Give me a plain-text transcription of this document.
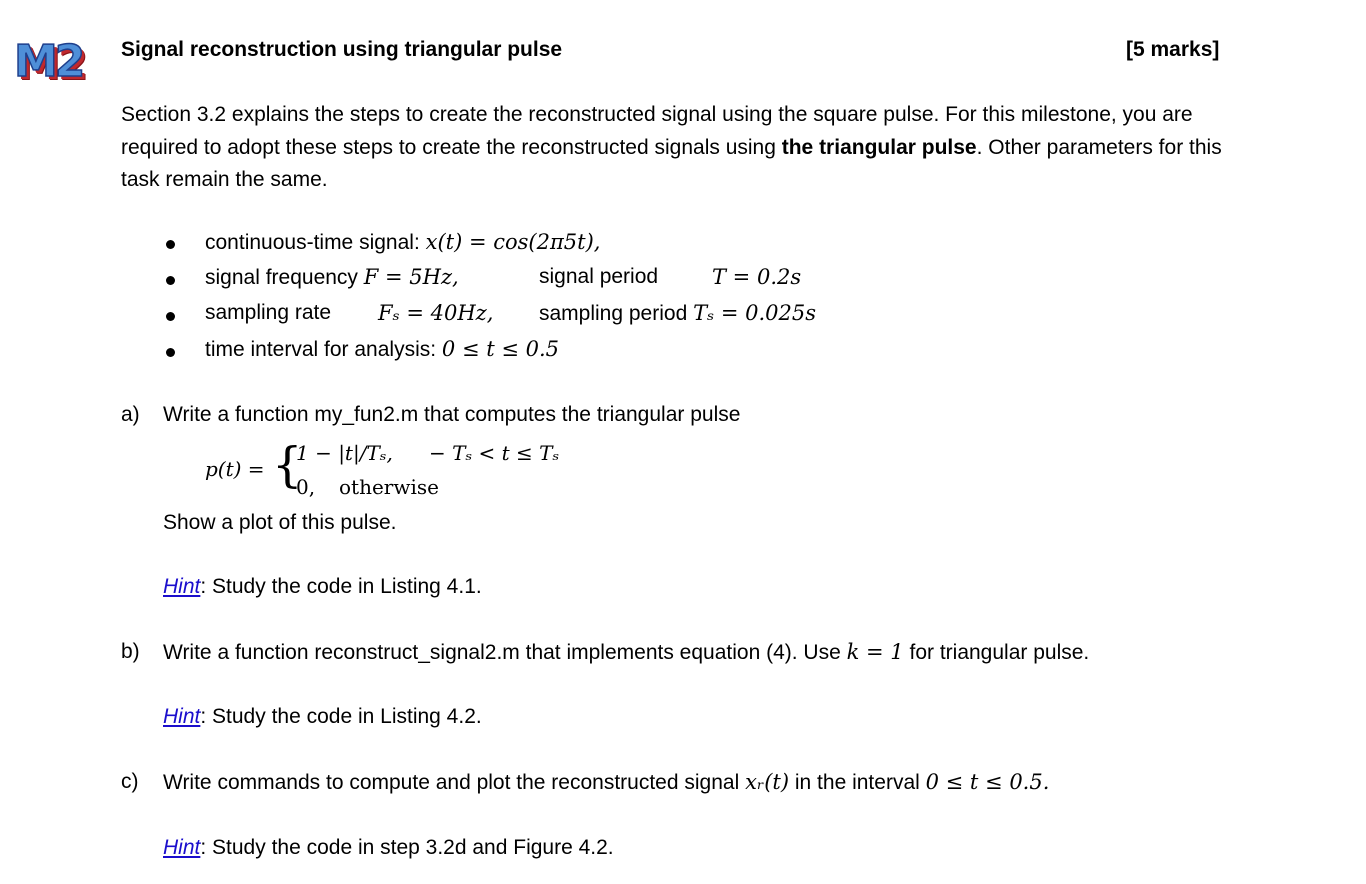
M2 Signal reconstruction using triangular pulse	[5 marks]
Section 3.2 explains the steps to create the reconstructed signal using the square pulse. For this milestone, you are required to adopt these steps to create the reconstructed signals using the triangular pulse. Other parameters for this task remain the same.
continuous-time signal: x(t) = cos(2π5t),
signal frequency F = 5Hz,	signal period	T = 0.2s
sampling rate Fₛ = 40Hz, sampling period Tₛ = 0.025s
time interval for analysis: 0 ≤ t ≤ 0.5
a) Write a function my_fun2.m that computes the triangular pulse
p(t) = {
1 − |t|/Tₛ, − Tₛ < t ≤ Tₛ
0, otherwise
Show a plot of this pulse.
Hint: Study the code in Listing 4.1.
b) Write a function reconstruct_signal2.m that implements equation (4). Use k = 1 for triangular pulse.
Hint: Study the code in Listing 4.2.
c) Write commands to compute and plot the reconstructed signal xᵣ(t) in the interval 0 ≤ t ≤ 0.5.
Hint: Study the code in step 3.2d and Figure 4.2.
